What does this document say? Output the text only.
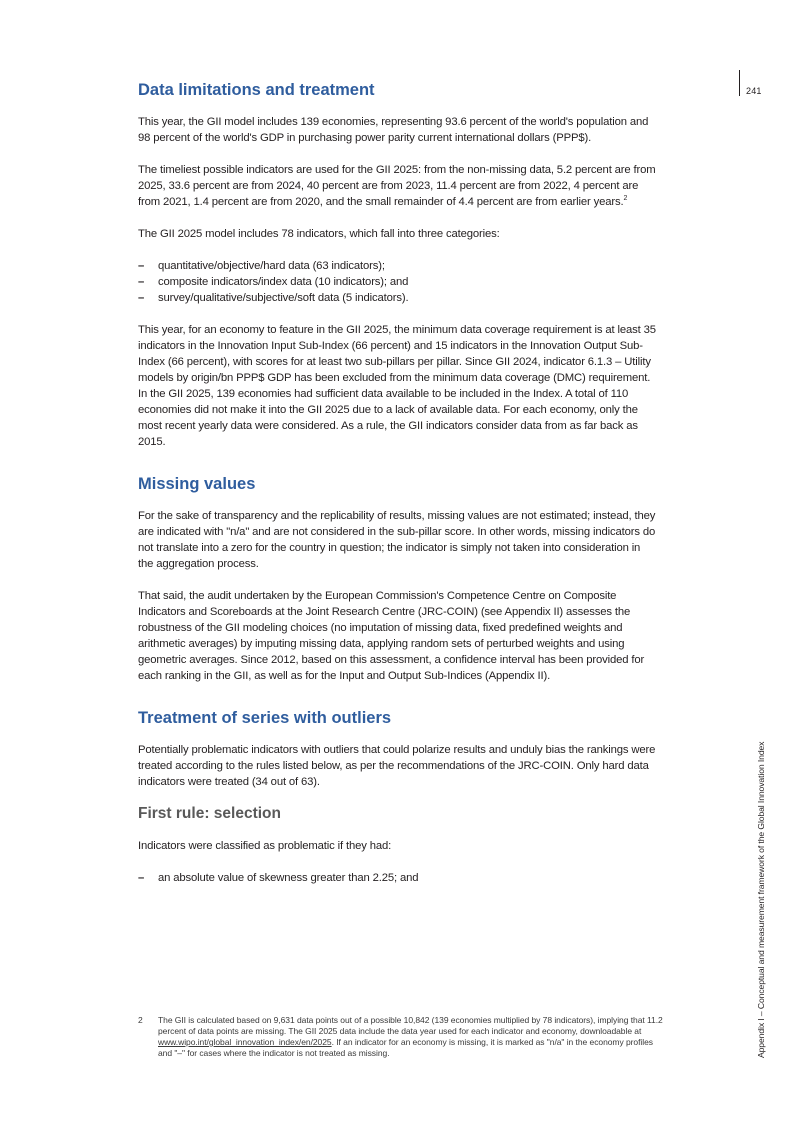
241
Data limitations and treatment

This year, the GII model includes 139 economies, representing 93.6 percent of the world's population and 98 percent of the world's GDP in purchasing power parity current international dollars (PPP$).

The timeliest possible indicators are used for the GII 2025: from the non-missing data, 5.2 percent are from 2025, 33.6 percent are from 2024, 40 percent are from 2023, 11.4 percent are from 2022, 4 percent are from 2021, 1.4 percent are from 2020, and the small remainder of 4.4 percent are from earlier years.$^2$

The GII 2025 model includes 78 indicators, which fall into three categories:

– quantitative/objective/hard data (63 indicators);
– composite indicators/index data (10 indicators); and
– survey/qualitative/subjective/soft data (5 indicators).

This year, for an economy to feature in the GII 2025, the minimum data coverage requirement is at least 35 indicators in the Innovation Input Sub-Index (66 percent) and 15 indicators in the Innovation Output Sub-Index (66 percent), with scores for at least two sub-pillars per pillar. Since GII 2024, indicator 6.1.3 – Utility models by origin/bn PPP$ GDP has been excluded from the minimum data coverage (DMC) requirement. In the GII 2025, 139 economies had sufficient data available to be included in the Index. A total of 110 economies did not make it into the GII 2025 due to a lack of available data. For each economy, only the most recent yearly data were considered. As a rule, the GII indicators consider data from as far back as 2015.

Missing values

For the sake of transparency and the replicability of results, missing values are not estimated; instead, they are indicated with "n/a" and are not considered in the sub-pillar score. In other words, missing indicators do not translate into a zero for the country in question; the indicator is simply not taken into consideration in the aggregation process.

That said, the audit undertaken by the European Commission's Competence Centre on Composite Indicators and Scoreboards at the Joint Research Centre (JRC-COIN) (see Appendix II) assesses the robustness of the GII modeling choices (no imputation of missing data, fixed predefined weights and arithmetic averages) by imputing missing data, applying random sets of perturbed weights and using geometric averages. Since 2012, based on this assessment, a confidence interval has been provided for each ranking in the GII, as well as for the Input and Output Sub-Indices (Appendix II).

Treatment of series with outliers

Potentially problematic indicators with outliers that could polarize results and unduly bias the rankings were treated according to the rules listed below, as per the recommendations of the JRC-COIN. Only hard data indicators were treated (34 out of 63).

First rule: selection

Indicators were classified as problematic if they had:

– an absolute value of skewness greater than 2.25; and
2 The GII is calculated based on 9,631 data points out of a possible 10,842 (139 economies multiplied by 78 indicators), implying that 11.2 percent of data points are missing. The GII 2025 data include the data year used for each indicator and economy, downloadable at www.wipo.int/global_innovation_index/en/2025. If an indicator for an economy is missing, it is marked as "n/a" in the economy profiles and "–" for cases where the indicator is not treated as missing.	Appendix I – Conceptual and measurement framework of the Global Innovation Index
